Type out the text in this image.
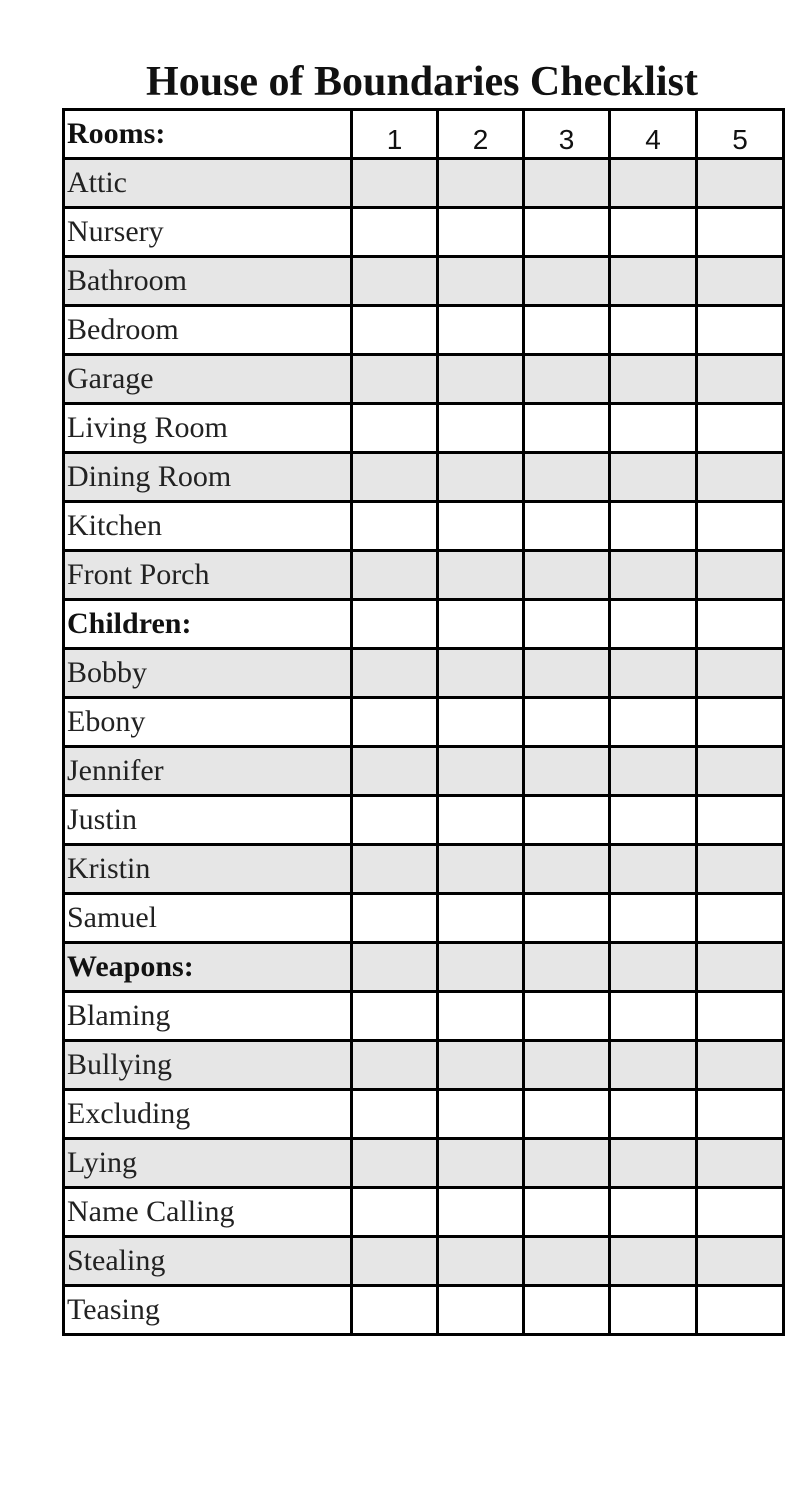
House of Boundaries Checklist
Rooms:	1	2	3	4	5
Attic					
Nursery					
Bathroom					
Bedroom					
Garage					
Living Room					
Dining Room					
Kitchen					
Front Porch					
Children:					
Bobby					
Ebony					
Jennifer					
Justin					
Kristin					
Samuel					
Weapons:					
Blaming					
Bullying					
Excluding					
Lying					
Name Calling					
Stealing					
Teasing					
